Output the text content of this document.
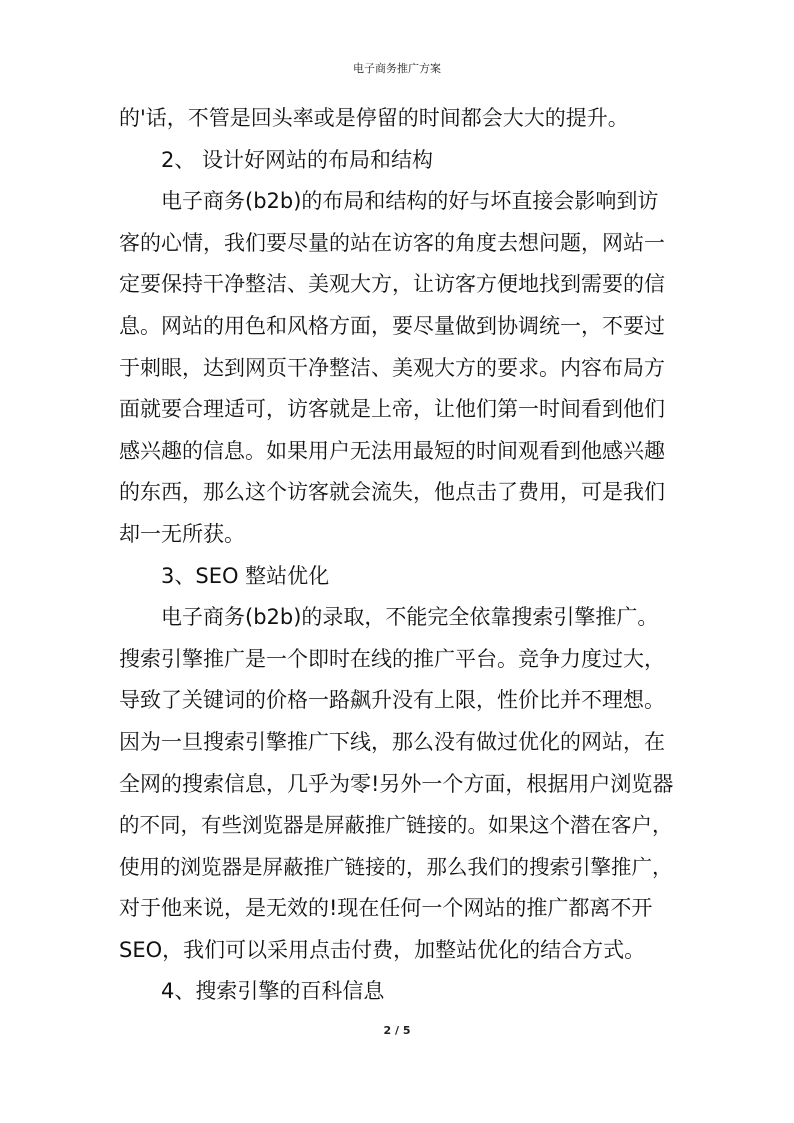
电子商务推广方案
的'话，不管是回头率或是停留的时间都会大大的提升。
2、 设计好网站的布局和结构
电子商务(b2b)的布局和结构的好与坏直接会影响到访
客的心情，我们要尽量的站在访客的角度去想问题，网站一
定要保持干净整洁、美观大方，让访客方便地找到需要的信
息。网站的用色和风格方面，要尽量做到协调统一，不要过
于刺眼，达到网页干净整洁、美观大方的要求。内容布局方
面就要合理适可，访客就是上帝，让他们第一时间看到他们
感兴趣的信息。如果用户无法用最短的时间观看到他感兴趣
的东西，那么这个访客就会流失，他点击了费用，可是我们
却一无所获。
3、SEO 整站优化
电子商务(b2b)的录取，不能完全依靠搜索引擎推广。
搜索引擎推广是一个即时在线的推广平台。竞争力度过大，
导致了关键词的价格一路飙升没有上限，性价比并不理想。
因为一旦搜索引擎推广下线，那么没有做过优化的网站，在
全网的搜索信息，几乎为零!另外一个方面，根据用户浏览器
的不同，有些浏览器是屏蔽推广链接的。如果这个潜在客户，
使用的浏览器是屏蔽推广链接的，那么我们的搜索引擎推广，
对于他来说，是无效的!现在任何一个网站的推广都离不开
SEO，我们可以采用点击付费，加整站优化的结合方式。
4、搜索引擎的百科信息
2 / 5
